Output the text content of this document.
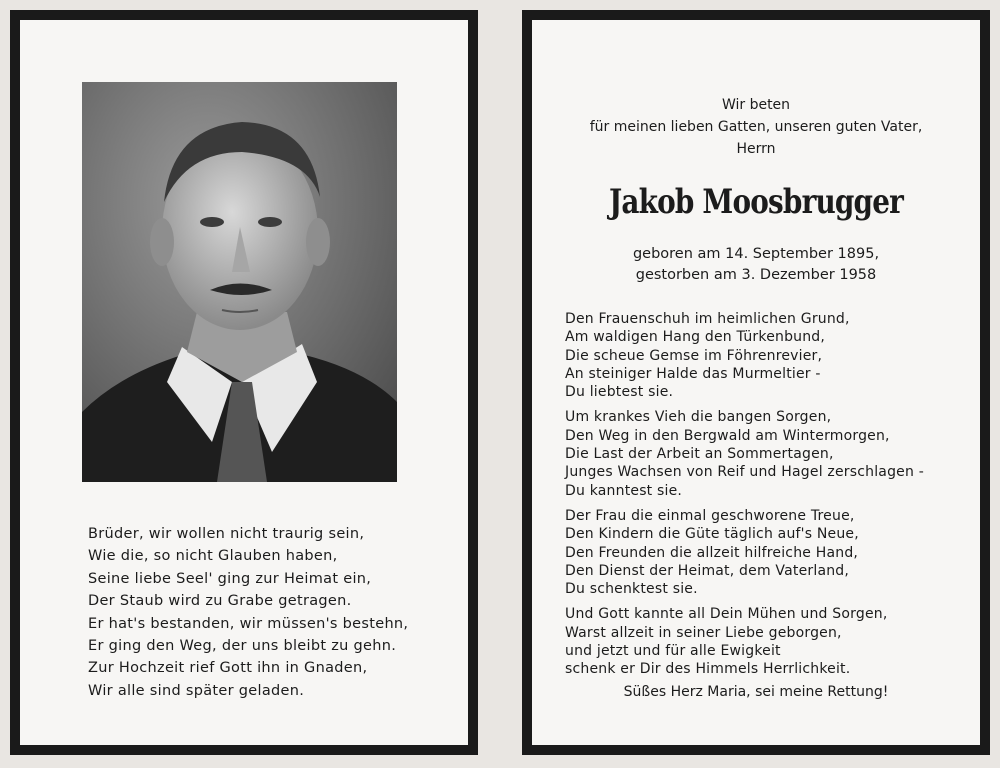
Brüder, wir wollen nicht traurig sein,
Wie die, so nicht Glauben haben,
Seine liebe Seel' ging zur Heimat ein,
Der Staub wird zu Grabe getragen.
Er hat's bestanden, wir müssen's bestehn,
Er ging den Weg, der uns bleibt zu gehn.
Zur Hochzeit rief Gott ihn in Gnaden,
Wir alle sind später geladen.
Wir beten
für meinen lieben Gatten, unseren guten Vater,
Herrn
Jakob Moosbrugger
geboren am 14. September 1895,
gestorben am 3. Dezember 1958
Den Frauenschuh im heimlichen Grund,
Am waldigen Hang den Türkenbund,
Die scheue Gemse im Föhrenrevier,
An steiniger Halde das Murmeltier -
Du liebtest sie.
Um krankes Vieh die bangen Sorgen,
Den Weg in den Bergwald am Wintermorgen,
Die Last der Arbeit an Sommertagen,
Junges Wachsen von Reif und Hagel zerschlagen -
Du kanntest sie.
Der Frau die einmal geschworene Treue,
Den Kindern die Güte täglich auf's Neue,
Den Freunden die allzeit hilfreiche Hand,
Den Dienst der Heimat, dem Vaterland,
Du schenktest sie.
Und Gott kannte all Dein Mühen und Sorgen,
Warst allzeit in seiner Liebe geborgen,
und jetzt und für alle Ewigkeit
schenk er Dir des Himmels Herrlichkeit.
Süßes Herz Maria, sei meine Rettung!
